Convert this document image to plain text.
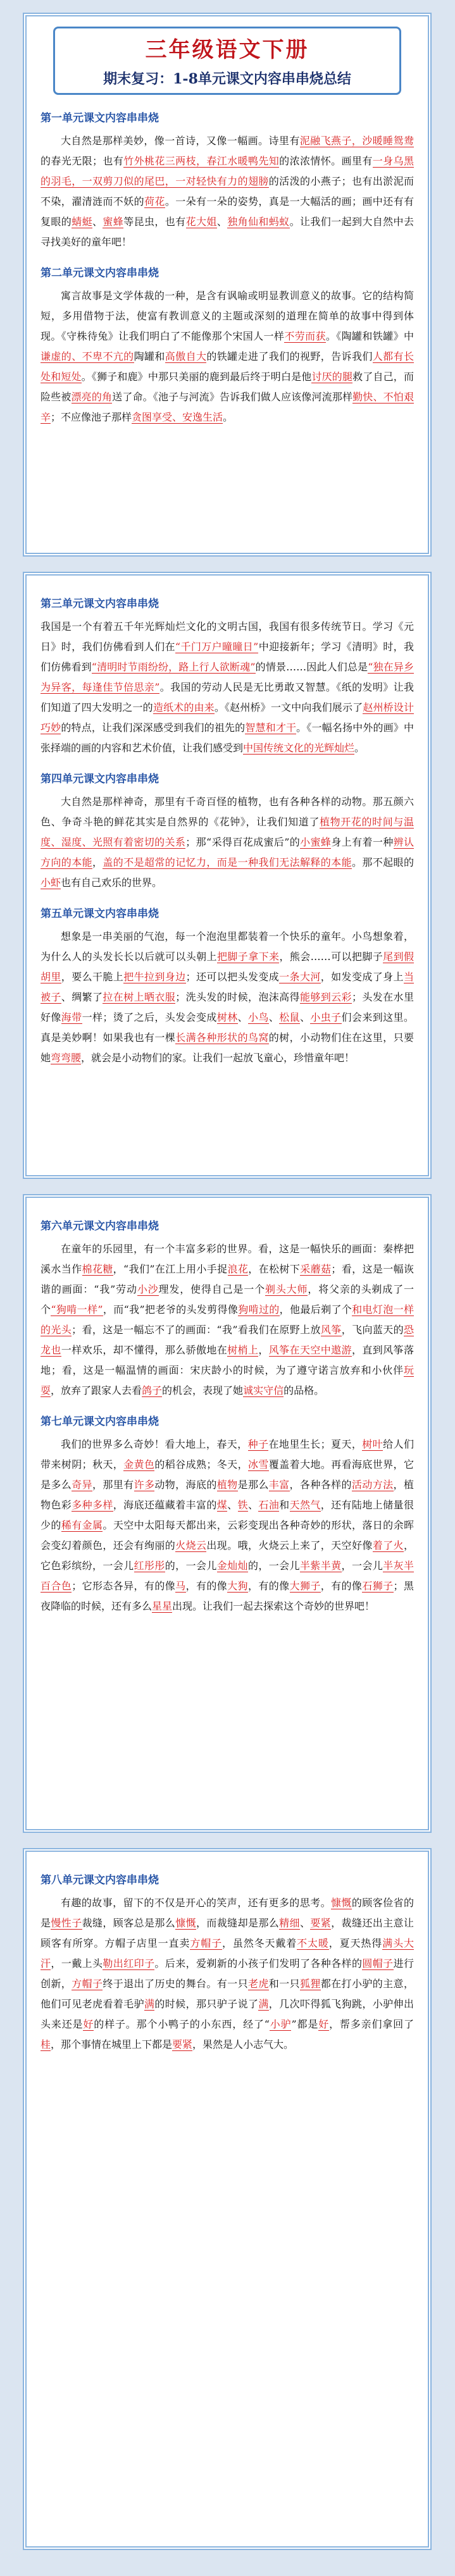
三年级语文下册
期末复习：1-8单元课文内容串串烧总结
第一单元课文内容串串烧

大自然是那样美妙，像一首诗，又像一幅画。诗里有泥融飞燕子，沙暖睡鸳鸯的春光无限；也有竹外桃花三两枝，春江水暖鸭先知的浓浓情怀。画里有一身乌黑的羽毛，一双剪刀似的尾巴，一对轻快有力的翅膀的活泼的小燕子；也有出淤泥而不染，濯清涟而不妖的荷花。一朵有一朵的姿势，真是一大幅活的画；画中还有有复眼的蜻蜓、蜜蜂等昆虫，也有花大姐、独角仙和蚂蚁。让我们一起到大自然中去寻找美好的童年吧！

第二单元课文内容串串烧

寓言故事是文学体裁的一种，是含有讽喻或明显教训意义的故事。它的结构简短，多用借物于法，使富有教训意义的主题或深刻的道理在简单的故事中得到体现。《守株待兔》让我们明白了不能像那个宋国人一样不劳而获。《陶罐和铁罐》中谦虚的、不卑不亢的陶罐和高傲自大的铁罐走进了我们的视野，告诉我们人都有长处和短处。《狮子和鹿》中那只美丽的鹿到最后终于明白是他讨厌的腿救了自己，而险些被漂亮的角送了命。《池子与河流》告诉我们做人应该像河流那样勤快、不怕艰辛；不应像池子那样贪图享受、安逸生活。

第三单元课文内容串串烧

我国是一个有着五千年光辉灿烂文化的文明古国，我国有很多传统节日。学习《元日》时，我们仿佛看到人们在“千门万户曈曈日”中迎接新年；学习《清明》时，我们仿佛看到“清明时节雨纷纷，路上行人欲断魂”的情景……因此人们总是“独在异乡为异客，每逢佳节倍思亲”。我国的劳动人民是无比勇敢又智慧。《纸的发明》让我们知道了四大发明之一的造纸术的由来。《赵州桥》一文中向我们展示了赵州桥设计巧妙的特点，让我们深深感受到我们的祖先的智慧和才干。《一幅名扬中外的画》中张择端的画的内容和艺术价值，让我们感受到中国传统文化的光辉灿烂。

第四单元课文内容串串烧

大自然是那样神奇，那里有千奇百怪的植物，也有各种各样的动物。那五颜六色、争奇斗艳的鲜花其实是自然界的《花钟》，让我们知道了植物开花的时间与温度、湿度、光照有着密切的关系；那“采得百花成蜜后”的小蜜蜂身上有着一种辨认方向的本能，盖的不是超常的记忆力，而是一种我们无法解释的本能。那不起眼的小虾也有自己欢乐的世界。

第五单元课文内容串串烧

想象是一串美丽的气泡，每一个泡泡里都装着一个快乐的童年。小鸟想象着，为什么人的头发长长以后就可以头朝上把脚子拿下来，熊会……可以把脚子尾到假胡里，要么干脆上把牛拉到身边；还可以把头发变成一条大河，如发变成了身上当被子、绸繁了拉在树上晒衣服；洗头发的时候，泡沫高得能够到云彩；头发在水里好像海带一样；烫了之后，头发会变成树林、小鸟、松鼠、小虫子们会来到这里。真是美妙啊！如果我也有一棵长满各种形状的鸟窝的树，小动物们住在这里，只要她弯弯腰，就会是小动物们的家。让我们一起放飞童心，珍惜童年吧！

第六单元课文内容串串烧

在童年的乐园里，有一个丰富多彩的世界。看，这是一幅快乐的画面：秦桦把溪水当作棉花糖，“我们”在江上用小手捉浪花，在松树下采蘑菇；看，这是一幅诙谐的画面：“我”劳动小沙理发，使得自己是一个剃头大师，将父亲的头剃成了一个“狗啃一样”，而“我”把老爷的头发剪得像狗啃过的，他最后剃了个和电灯泡一样的光头；看，这是一幅忘不了的画面：“我”看我们在原野上放风筝，飞向蓝天的恐龙也一样欢乐，却不懂得，那么骄傲地在树梢上，风筝在天空中遨游，直到风筝落地；看，这是一幅温情的画面：宋庆龄小的时候，为了遵守诺言放弃和小伙伴玩耍，放弃了跟家人去看鸽子的机会，表现了她诚实守信的品格。

第七单元课文内容串串烧

我们的世界多么奇妙！看大地上，春天，种子在地里生长；夏天，树叶给人们带来树阴；秋天，金黄色的稻谷成熟；冬天，冰雪覆盖着大地。再看海底世界，它是多么奇异，那里有许多动物，海底的植物是那么丰富，各种各样的活动方法，植物色彩多种多样，海底还蕴藏着丰富的煤、铁、石油和天然气，还有陆地上储量很少的稀有金属。天空中太阳每天都出来，云彩变现出各种奇妙的形状，落日的余晖会变幻着颜色，还会有绚丽的火烧云出现。哦，火烧云上来了，天空好像着了火，它色彩缤纷，一会儿红彤彤的，一会儿金灿灿的，一会儿半紫半黄，一会儿半灰半百合色；它形态各异，有的像马，有的像大狗，有的像大狮子，有的像石狮子；黑夜降临的时候，还有多么星星出现。让我们一起去探索这个奇妙的世界吧！

第八单元课文内容串串烧

有趣的故事，留下的不仅是开心的笑声，还有更多的思考。慷慨的顾客俭省的是慢性子裁缝，顾客总是那么慷慨，而裁缝却是那么精细、要紧，裁缝还出主意让顾客有所穿。方帽子店里一直卖方帽子，虽然冬天戴着不太暖，夏天热得满头大汗，一戴上头勒出红印子。后来，爱剃新的小孩子们发明了各种各样的圆帽子进行创新，方帽子终于退出了历史的舞台。有一只老虎和一只狐狸都在打小驴的主意，他们可见老虎看着毛驴满的时候，那只驴子说了满，几次吓得狐飞狗跳，小驴伸出头来还是好的样子。那个小鸭子的小东西，经了“小驴”都是好，帮多亲们拿回了桂，那个事情在城里上下都是要紧，果然是人小志气大。
